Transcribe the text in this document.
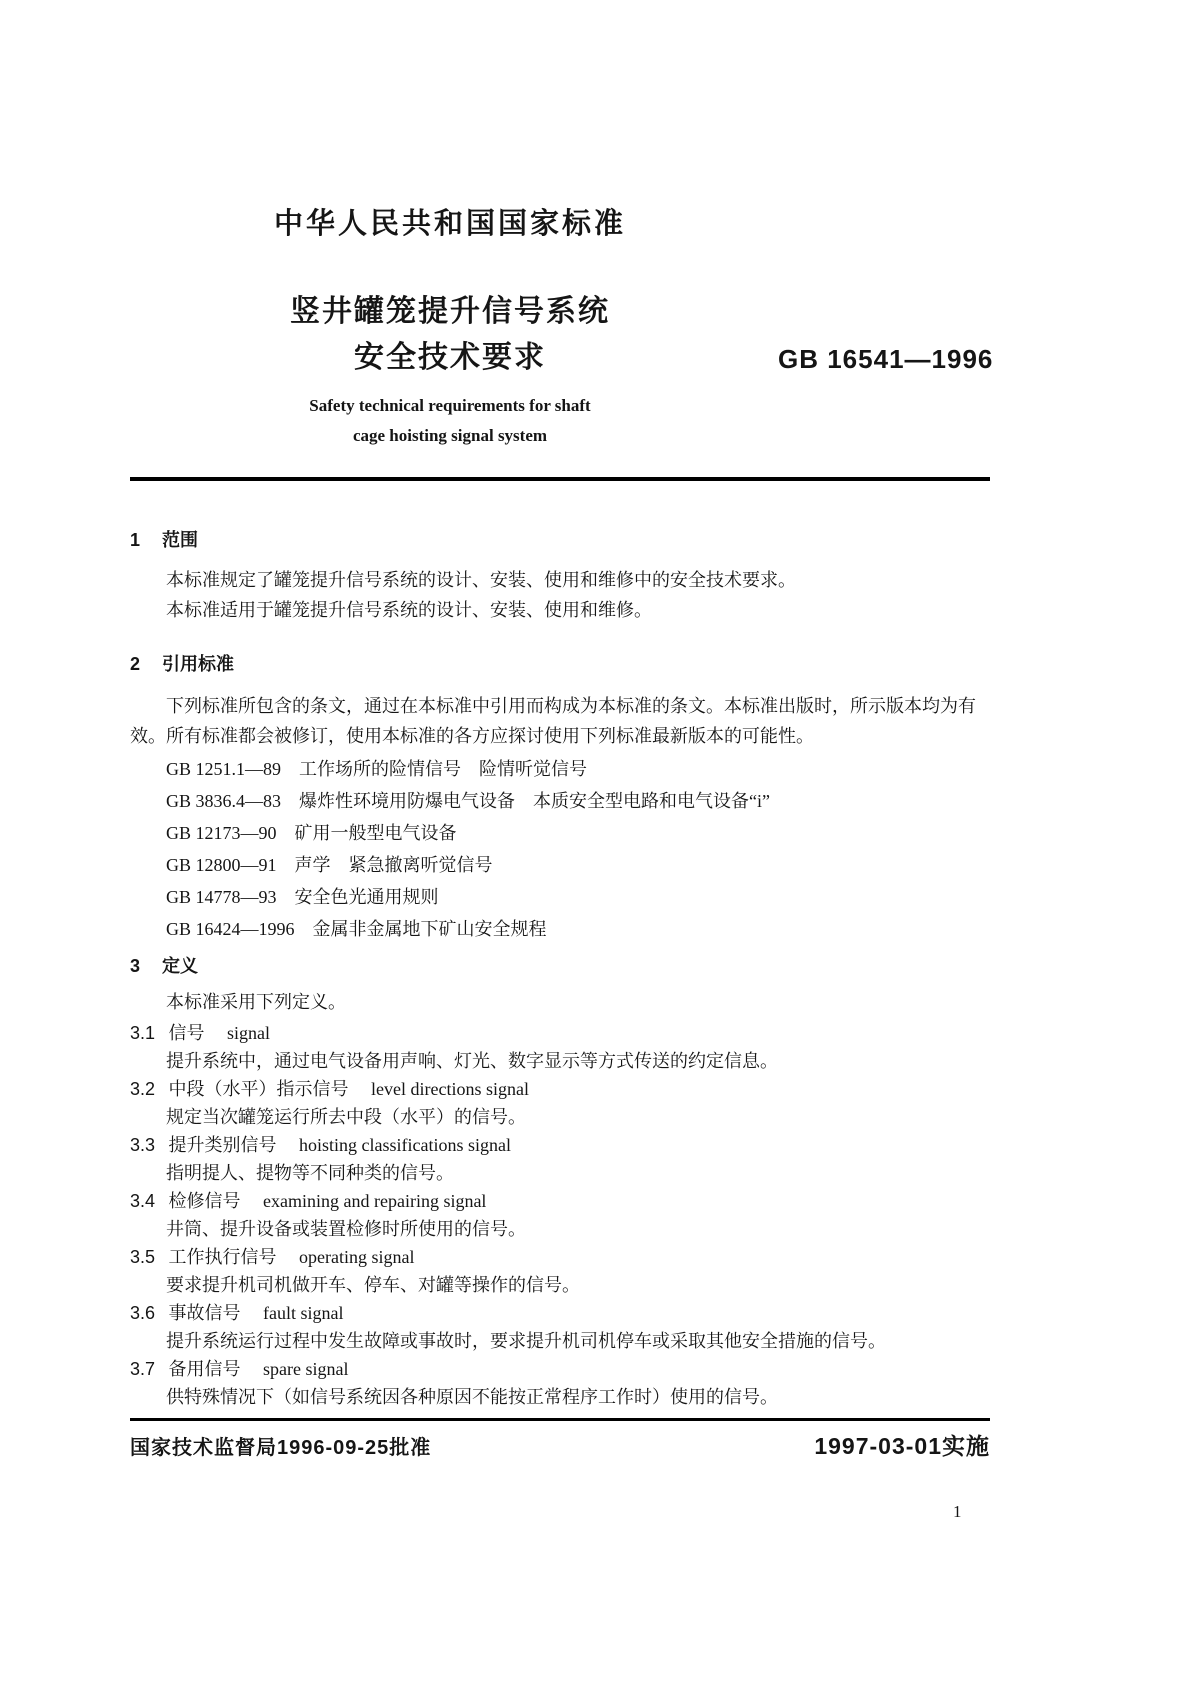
中华人民共和国国家标准
竖井罐笼提升信号系统
安全技术要求	GB 16541—1996
Safety technical requirements for shaft
cage hoisting signal system
1 范围

本标准规定了罐笼提升信号系统的设计、安装、使用和维修中的安全技术要求。

本标准适用于罐笼提升信号系统的设计、安装、使用和维修。

2 引用标准

下列标准所包含的条文，通过在本标准中引用而构成为本标准的条文。本标准出版时，所示版本均为有效。所有标准都会被修订，使用本标准的各方应探讨使用下列标准最新版本的可能性。

GB 1251.1—89　工作场所的险情信号　险情听觉信号
GB 3836.4—83　爆炸性环境用防爆电气设备　本质安全型电路和电气设备“i”
GB 12173—90　矿用一般型电气设备
GB 12800—91　声学　紧急撤离听觉信号
GB 14778—93　安全色光通用规则
GB 16424—1996　金属非金属地下矿山安全规程
3 定义

本标准采用下列定义。

3.1 信号 signal
提升系统中，通过电气设备用声响、灯光、数字显示等方式传送的约定信息。
3.2 中段（水平）指示信号 level directions signal
规定当次罐笼运行所去中段（水平）的信号。
3.3 提升类别信号 hoisting classifications signal
指明提人、提物等不同种类的信号。
3.4 检修信号 examining and repairing signal
井筒、提升设备或装置检修时所使用的信号。
3.5 工作执行信号 operating signal
要求提升机司机做开车、停车、对罐等操作的信号。
3.6 事故信号 fault signal
提升系统运行过程中发生故障或事故时，要求提升机司机停车或采取其他安全措施的信号。
3.7 备用信号 spare signal
供特殊情况下（如信号系统因各种原因不能按正常程序工作时）使用的信号。
国家技术监督局1996-09-25批准	1997-03-01实施
1
